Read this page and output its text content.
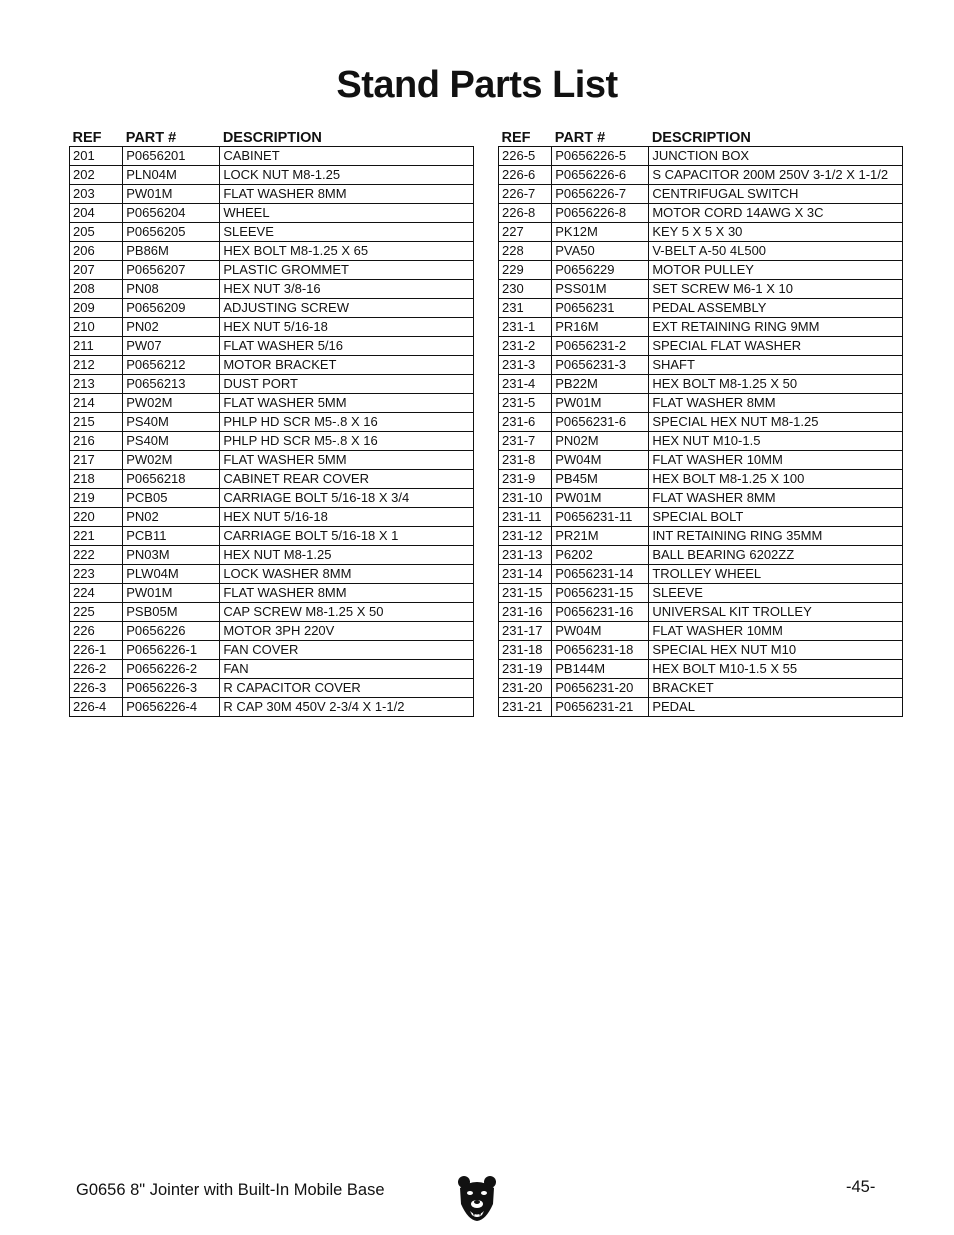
Stand Parts List
REF	PART #	DESCRIPTION
201	P0656201	CABINET
202	PLN04M	LOCK NUT M8-1.25
203	PW01M	FLAT WASHER 8MM
204	P0656204	WHEEL
205	P0656205	SLEEVE
206	PB86M	HEX BOLT M8-1.25 X 65
207	P0656207	PLASTIC GROMMET
208	PN08	HEX NUT 3/8-16
209	P0656209	ADJUSTING SCREW
210	PN02	HEX NUT 5/16-18
211	PW07	FLAT WASHER 5/16
212	P0656212	MOTOR BRACKET
213	P0656213	DUST PORT
214	PW02M	FLAT WASHER 5MM
215	PS40M	PHLP HD SCR M5-.8 X 16
216	PS40M	PHLP HD SCR M5-.8 X 16
217	PW02M	FLAT WASHER 5MM
218	P0656218	CABINET REAR COVER
219	PCB05	CARRIAGE BOLT 5/16-18 X 3/4
220	PN02	HEX NUT 5/16-18
221	PCB11	CARRIAGE BOLT 5/16-18 X 1
222	PN03M	HEX NUT M8-1.25
223	PLW04M	LOCK WASHER 8MM
224	PW01M	FLAT WASHER 8MM
225	PSB05M	CAP SCREW M8-1.25 X 50
226	P0656226	MOTOR 3PH 220V
226-1	P0656226-1	FAN COVER
226-2	P0656226-2	FAN
226-3	P0656226-3	R CAPACITOR COVER
226-4	P0656226-4	R CAP 30M 450V 2-3/4 X 1-1/2
REF	PART #	DESCRIPTION
226-5	P0656226-5	JUNCTION BOX
226-6	P0656226-6	S CAPACITOR 200M 250V 3-1/2 X 1-1/2
226-7	P0656226-7	CENTRIFUGAL SWITCH
226-8	P0656226-8	MOTOR CORD 14AWG X 3C
227	PK12M	KEY 5 X 5 X 30
228	PVA50	V-BELT A-50 4L500
229	P0656229	MOTOR PULLEY
230	PSS01M	SET SCREW M6-1 X 10
231	P0656231	PEDAL ASSEMBLY
231-1	PR16M	EXT RETAINING RING 9MM
231-2	P0656231-2	SPECIAL FLAT WASHER
231-3	P0656231-3	SHAFT
231-4	PB22M	HEX BOLT M8-1.25 X 50
231-5	PW01M	FLAT WASHER 8MM
231-6	P0656231-6	SPECIAL HEX NUT M8-1.25
231-7	PN02M	HEX NUT M10-1.5
231-8	PW04M	FLAT WASHER 10MM
231-9	PB45M	HEX BOLT M8-1.25 X 100
231-10	PW01M	FLAT WASHER 8MM
231-11	P0656231-11	SPECIAL BOLT
231-12	PR21M	INT RETAINING RING 35MM
231-13	P6202	BALL BEARING 6202ZZ
231-14	P0656231-14	TROLLEY WHEEL
231-15	P0656231-15	SLEEVE
231-16	P0656231-16	UNIVERSAL KIT TROLLEY
231-17	PW04M	FLAT WASHER 10MM
231-18	P0656231-18	SPECIAL HEX NUT M10
231-19	PB144M	HEX BOLT M10-1.5 X 55
231-20	P0656231-20	BRACKET
231-21	P0656231-21	PEDAL
G0656 8" Jointer with Built-In Mobile Base	-45-
